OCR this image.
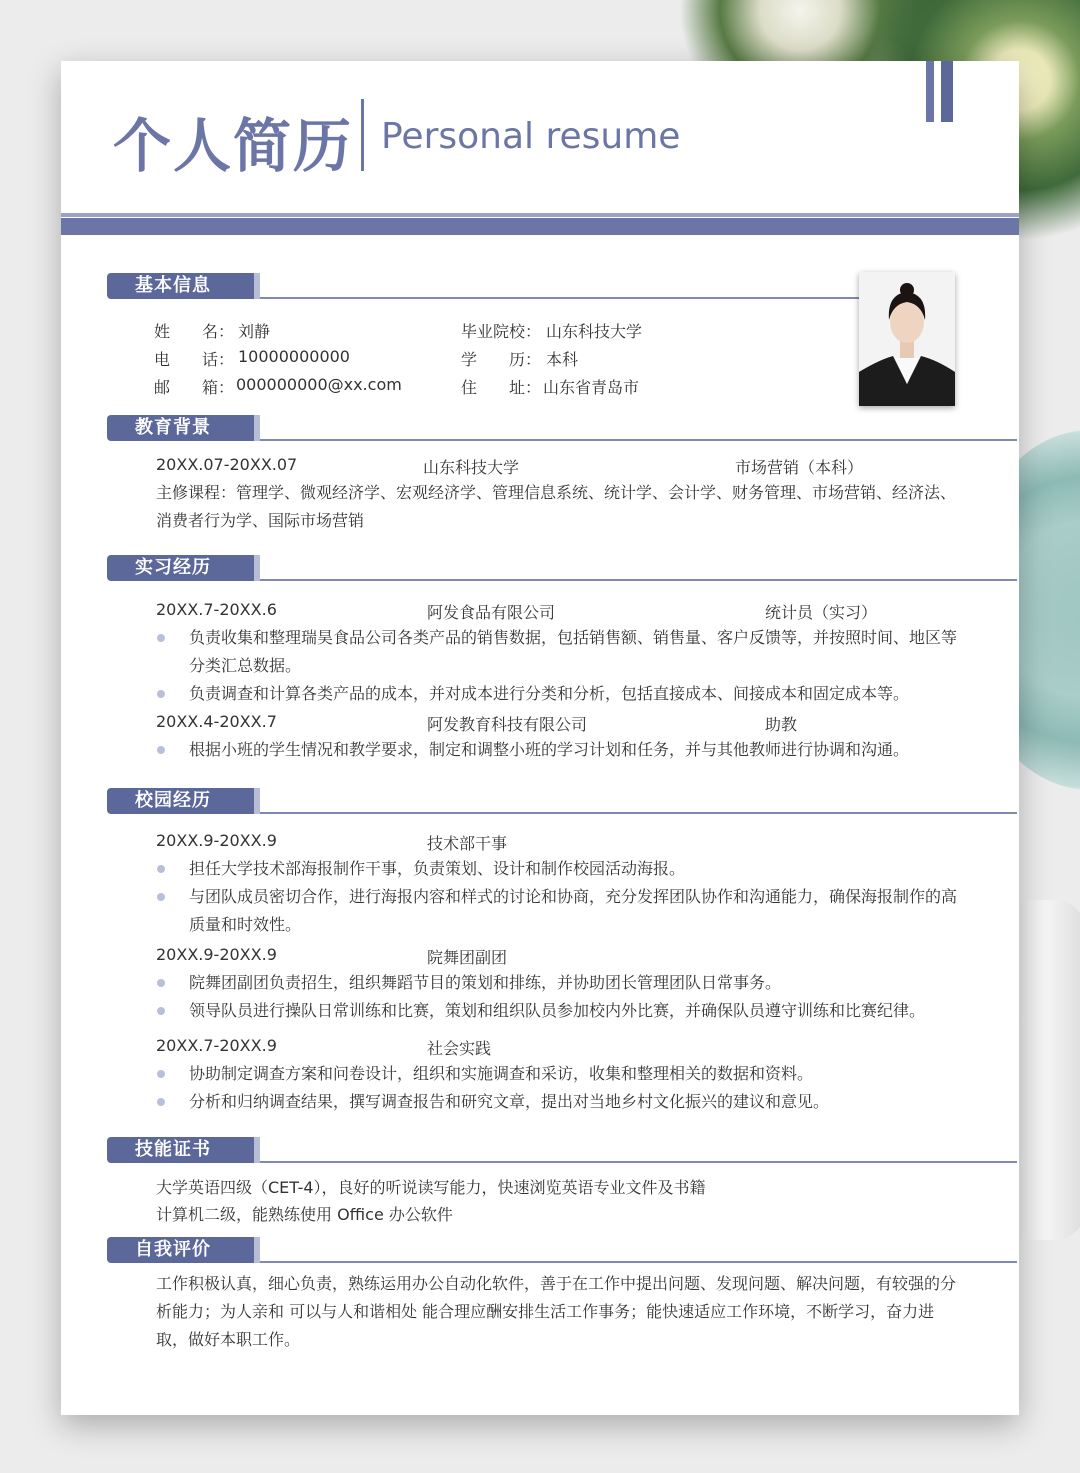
个人简历 Personal resume
基本信息
姓　　名： 刘静
电　　话： 10000000000
邮　　箱： 000000000@xx.com
毕业院校： 山东科技大学
学　　历： 本科
住　　址： 山东省青岛市
教育背景
20XX.07-20XX.07	山东科技大学	市场营销（本科）
主修课程：管理学、微观经济学、宏观经济学、管理信息系统、统计学、会计学、财务管理、市场营销、经济法、消费者行为学、国际市场营销
实习经历
20XX.7-20XX.6	阿发食品有限公司	统计员（实习）
负责收集和整理瑞昊食品公司各类产品的销售数据，包括销售额、销售量、客户反馈等，并按照时间、地区等分类汇总数据。
负责调查和计算各类产品的成本，并对成本进行分类和分析，包括直接成本、间接成本和固定成本等。
20XX.4-20XX.7	阿发教育科技有限公司	助教
根据小班的学生情况和教学要求，制定和调整小班的学习计划和任务，并与其他教师进行协调和沟通。
校园经历
20XX.9-20XX.9	技术部干事
担任大学技术部海报制作干事，负责策划、设计和制作校园活动海报。
与团队成员密切合作，进行海报内容和样式的讨论和协商，充分发挥团队协作和沟通能力，确保海报制作的高质量和时效性。
20XX.9-20XX.9	院舞团副团
院舞团副团负责招生，组织舞蹈节目的策划和排练，并协助团长管理团队日常事务。
领导队员进行操队日常训练和比赛，策划和组织队员参加校内外比赛，并确保队员遵守训练和比赛纪律。
20XX.7-20XX.9	社会实践
协助制定调查方案和问卷设计，组织和实施调查和采访，收集和整理相关的数据和资料。
分析和归纳调查结果，撰写调查报告和研究文章，提出对当地乡村文化振兴的建议和意见。
技能证书
大学英语四级（CET-4），良好的听说读写能力，快速浏览英语专业文件及书籍
计算机二级，能熟练使用 Office 办公软件
自我评价
工作积极认真，细心负责，熟练运用办公自动化软件，善于在工作中提出问题、发现问题、解决问题，有较强的分析能力；为人亲和 可以与人和谐相处 能合理应酬安排生活工作事务；能快速适应工作环境，不断学习，奋力进取，做好本职工作。
